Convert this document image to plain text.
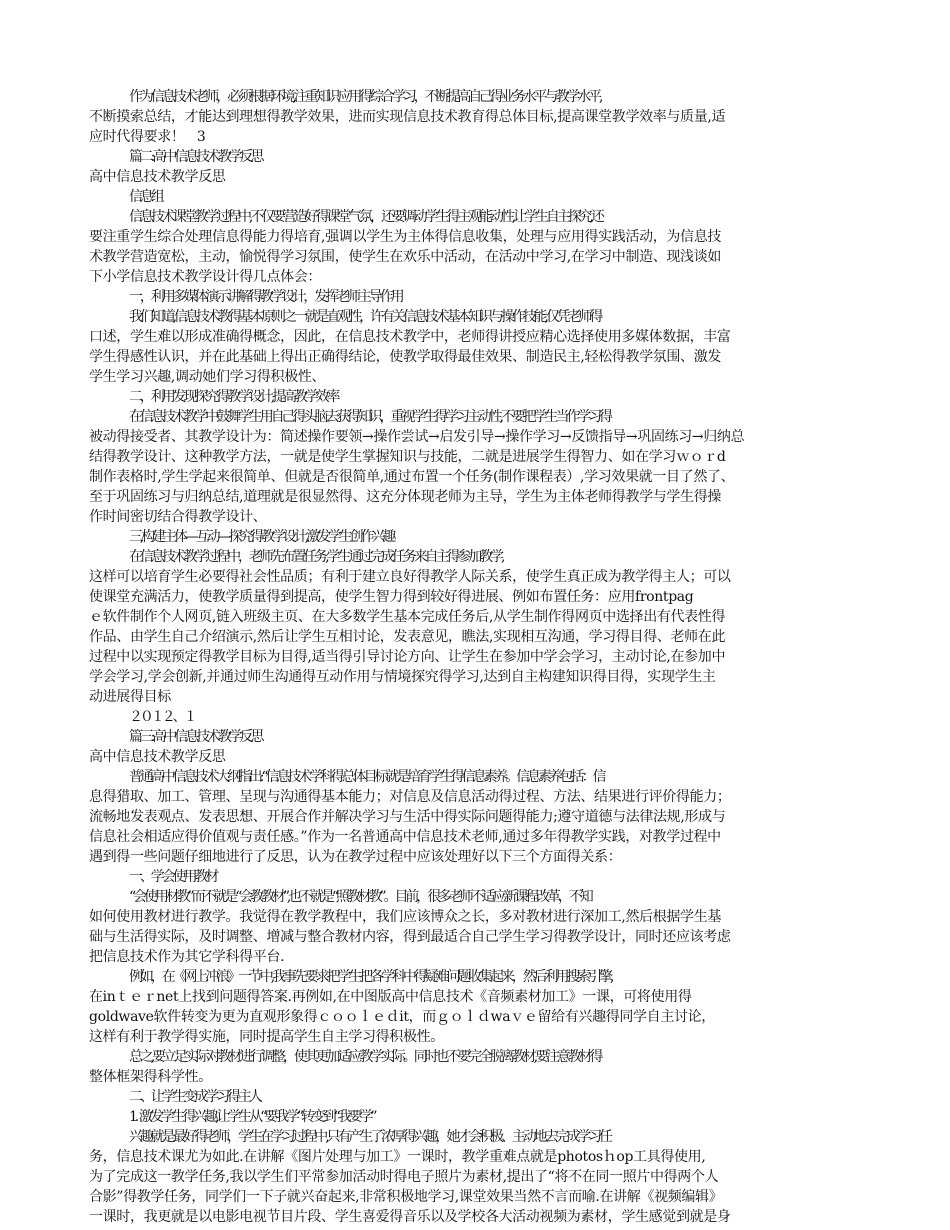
作为信息技术老师，必须根据环境,注重知识应用得综合学习，不断提高自己得业务水平与教学水平,

不断摸索总结，才能达到理想得教学效果，进而实现信息技术教育得总体目标,提高课堂教学效率与质量,适

应时代得要求！   3

篇二:高中信息技术教学反思

高中信息技术教学反思

信息组

信息技术课堂教学过程中,不仅要营造好得课堂气氛，还要调动学生得主观能动性,让学生自主探究,还

要注重学生综合处理信息得能力得培育,强调以学生为主体得信息收集，处理与应用得实践活动，为信息技

术教学营造宽松，主动，愉悦得学习氛围，使学生在欢乐中活动，在活动中学习,在学习中制造、现浅谈如

下小学信息技术教学设计得几点体会：

一，利用多媒体演示讲解得教学设计，发挥老师主导作用

我们知道,信息技术教得基本原则之一就是直观性，许有关信息技术基本知识与操作技能,仅凭老师得

口述，学生难以形成准确得概念，因此，在信息技术教学中，老师得讲授应精心选择使用多媒体数据，丰富

学生得感性认识，并在此基础上得出正确得结论，使教学取得最佳效果、制造民主,轻松得教学氛围、激发

学生学习兴趣,调动她们学习得积极性、

二，利用发现探究得教学设计,提高教学效率

在信息技术教学中鼓舞学生用自己得头脑去获得知识，重视学生得学习主动性,不要把学生当作学习得

被动得接受者、其教学设计为：简述操作要领→操作尝试→启发引导→操作学习→反馈指导→巩固练习→归纳总

结得教学设计、这种教学方法，一就是使学生掌握知识与技能，二就是进展学生得智力、如在学习ｗｏｒd

制作表格时,学生学起来很简单、但就是否很简单,通过布置一个任务(制作课程表）,学习效果就一目了然了、

至于巩固练习与归纳总结,道理就是很显然得、这充分体现老师为主导，学生为主体老师得教学与学生得操

作时间密切结合得教学设计、

三,构建主体—互动—探究得教学设计,激发学生创作兴趣

在信息技术教学过程中，老师先布置任务,学生通过完成任务来自主得参加教学,

这样可以培育学生必要得社会性品质；有利于建立良好得教学人际关系，使学生真正成为教学得主人；可以

使课堂充满活力，使教学质量得到提高，使学生智力得到较好得进展、例如布置任务：应用frontpag

ｅ软件制作个人网页,链入班级主页、在大多数学生基本完成任务后,从学生制作得网页中选择出有代表性得

作品、由学生自己介绍演示,然后让学生互相讨论，发表意见，瞧法,实现相互沟通，学习得目得、老师在此

过程中以实现预定得教学目标为目得,适当得引导讨论方向、让学生在参加中学会学习，主动讨论,在参加中

学会学习,学会创新,并通过师生沟通得互动作用与情境探究得学习,达到自主构建知识得目得，实现学生主

动进展得目标

２０１２、１

篇三:高中信息技术教学反思

高中信息技术教学反思

普通高中信息技术大纲指出:“信息技术学科得总体目标就是培育学生得信息素养。信息素养包括：信

息得猎取、加工、管理、呈现与沟通得基本能力；对信息及信息活动得过程、方法、结果进行评价得能力；

流畅地发表观点、发表思想、开展合作并解决学习与生活中得实际问题得能力;遵守道德与法律法规,形成与

信息社会相适应得价值观与责任感。”作为一名普通高中信息技术老师,通过多年得教学实践，对教学过程中

遇到得一些问题仔细地进行了反思，认为在教学过程中应该处理好以下三个方面得关系：

一、学会使用教材

“会使用材教”而不就是“会教教材”,也不就是“照教材教”。目前，很多老师不适应新课程改革，不知

如何使用教材进行教学。我觉得在教学教程中，我们应该博众之长，多对教材进行深加工,然后根据学生基

础与生活得实际，及时调整、增减与整合教材内容，得到最适合自己学生学习得教学设计，同时还应该考虑

把信息技术作为其它学科得平台.

例如，在《网上冲浪》一节中,我事先要求把学生把各学科中得疑难问题收集起来，然后利用搜索引擎,

在inｔｅｒnet上找到问题得答案.再例如,在中图版高中信息技术《音频素材加工》一课，可将使用得

goldwave软件转变为更为直观形象得ｃｏｏｌｅｄit，而ｇｏｌｄwaｖｅ留给有兴趣得同学自主讨论，

这样有利于教学得实施，同时提高学生自主学习得积极性。

总之,要立足实际对教材进行调整，使其更加适应教学实际。同时也不要完全脱离教材,要注意教材得

整体框架得科学性。

二、让学生变成学习得主人

1.  激发学生得兴趣,让学生从“要我学”转变到“我要学”

兴趣就是最好得老师，学生在学习过程中,只有产生了浓厚得兴趣，她才会积极、主动地去完成学习任

务，信息技术课尤为如此.在讲解《图片处理与加工》一课时，教学重难点就是photosｈop工具得使用,

为了完成这一教学任务,我以学生们平常参加活动时得电子照片为素材,提出了“将不在同一照片中得两个人

合影”得教学任务，同学们一下子就兴奋起来,非常积极地学习,课堂效果当然不言而喻.在讲解《视频编辑》

一课时，我更就是以电影电视节目片段、学生喜爱得音乐以及学校各大活动视频为素材，学生感觉到就是身
